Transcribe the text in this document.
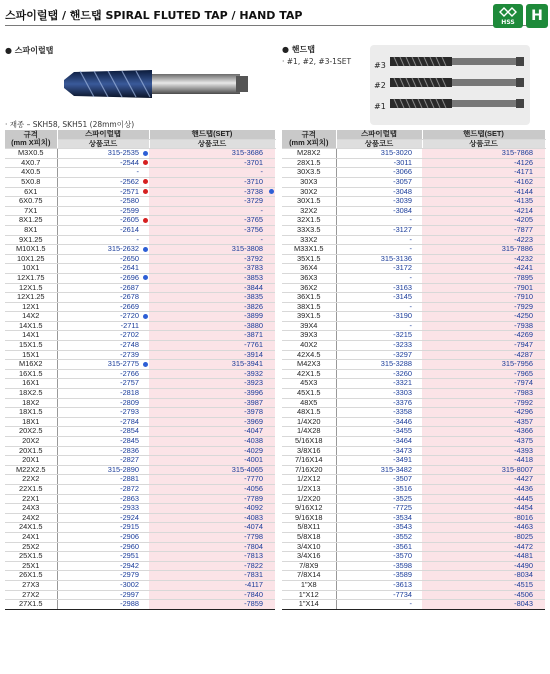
스파이럴탭 / 핸드탭 SPIRAL FLUTED TAP / HAND TAP
HSS	H
● 스파이럴탭	● 핸드탭
· #1, #2, #3-1SET
· 재종 – SKH58, SKH51 (28mm이상)
#3
#2
#1
규격
(mm X피치)	스파이럴탭	핸드탭(SET)
	상품코드	상품코드
M3X0.5	315-2535	315-3686
4X0.7	-2544	-3701
4X0.5	-	-
5X0.8	-2562	-3710
6X1	-2571	-3738

6X0.75	-2580	-3729
7X1	-2599	-
8X1.25	-2605	-3765
8X1	-2614	-3756
9X1.25	-	-
M10X1.5	315-2632	315-3808
10X1.25	-2650	-3792
10X1	-2641	-3783
12X1.75	-2696	-3853
12X1.5	-2687	-3844
12X1.25	-2678	-3835
12X1	-2669	-3826
14X2	-2720	-3899
14X1.5	-2711	-3880
14X1	-2702	-3871
15X1.5	-2748	-7761
15X1	-2739	-3914
M16X2	315-2775	315-3941
16X1.5	-2766	-3932
16X1	-2757	-3923
18X2.5	-2818	-3996
18X2	-2809	-3987
18X1.5	-2793	-3978
18X1	-2784	-3969
20X2.5	-2854	-4047
20X2	-2845	-4038
20X1.5	-2836	-4029
20X1	-2827	-4001
M22X2.5	315-2890	315-4065
22X2	-2881	-7770
22X1.5	-2872	-4056
22X1	-2863	-7789
24X3	-2933	-4092
24X2	-2924	-4083
24X1.5	-2915	-4074
24X1	-2906	-7798
25X2	-2960	-7804
25X1.5	-2951	-7813
25X1	-2942	-7822
26X1.5	-2979	-7831
27X3	-3002	-4117
27X2	-2997	-7840
27X1.5	-2988	-7859
규격
(mm X피치)	스파이럴탭	핸드탭(SET)
	상품코드	상품코드
M28X2	315-3020	315-7868
28X1.5	-3011	-4126
30X3.5	-3066	-4171
30X3	-3057	-4162
30X2	-3048	-4144
30X1.5	-3039	-4135
32X2	-3084	-4214
32X1.5	-	-4205
33X3.5	-3127	-7877
33X2	-	-4223
M33X1.5	-	315-7886
35X1.5	315-3136	-4232
36X4	-3172	-4241
36X3	-	-7895
36X2	-3163	-7901
36X1.5	-3145	-7910
38X1.5	-	-7929
39X1.5	-3190	-4250
39X4	-	-7938
39X3	-3215	-4269
40X2	-3233	-7947
42X4.5	-3297	-4287
M42X3	315-3288	315-7956
42X1.5	-3260	-7965
45X3	-3321	-7974
45X1.5	-3303	-7983
48X5	-3376	-7992
48X1.5	-3358	-4296
1/4X20	-3446	-4357
1/4X28	-3455	-4366
5/16X18	-3464	-4375
3/8X16	-3473	-4393
7/16X14	-3491	-4418
7/16X20	315-3482	315-8007
1/2X12	-3507	-4427
1/2X13	-3516	-4436
1/2X20	-3525	-4445
9/16X12	-7725	-4454
9/16X18	-3534	-8016
5/8X11	-3543	-4463
5/8X18	-3552	-8025
3/4X10	-3561	-4472
3/4X16	-3570	-4481
7/8X9	-3598	-4490
7/8X14	-3589	-8034
1"X8	-3613	-4515
1"X12	-7734	-4506
1"X14	-	-8043
